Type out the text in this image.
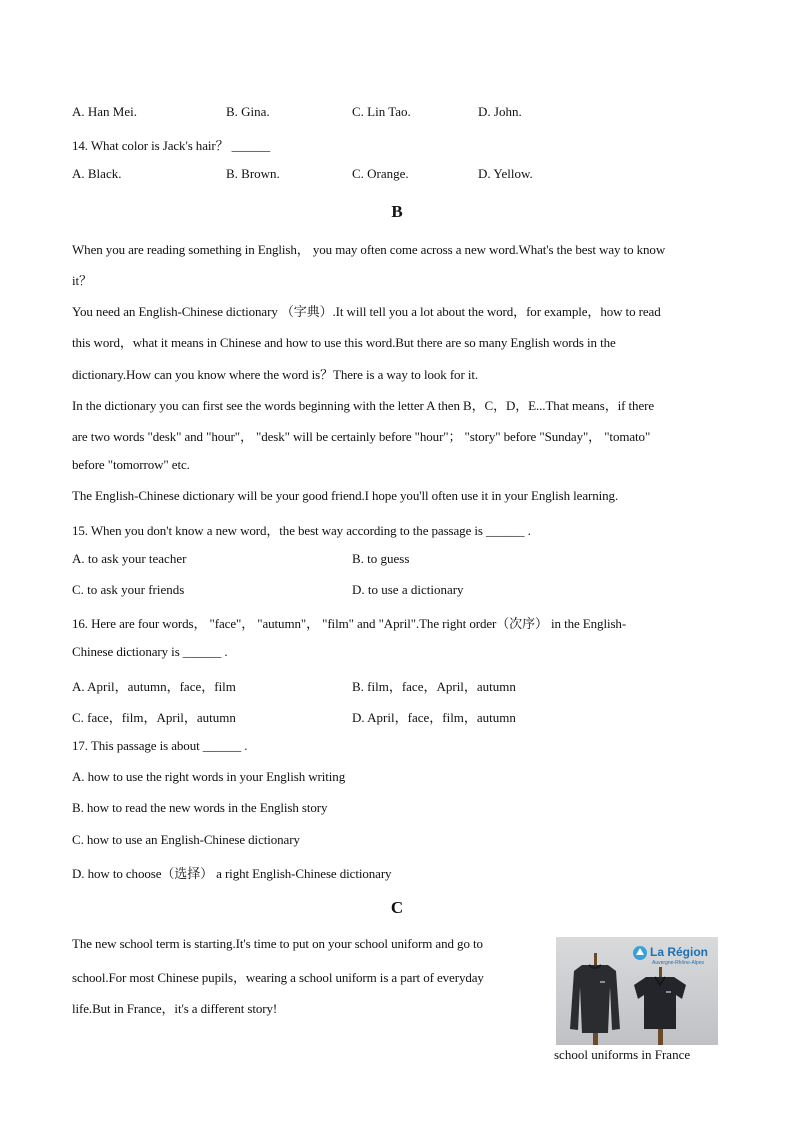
A. Han Mei.	B. Gina.	C. Lin Tao.	D. John.
14. What color is Jack's hair？ ______
A. Black.	B. Brown.	C. Orange.	D. Yellow.
B
When you are reading something in English， you may often come across a new word.What's the best way to know
it？
You need an English-Chinese dictionary （字典）.It will tell you a lot about the word，for example，how to read
this word，what it means in Chinese and how to use this word.But there are so many English words in the
dictionary.How can you know where the word is？There is a way to look for it.
In the dictionary you can first see the words beginning with the letter A then B，C，D，E...That means，if there
are two words "desk" and "hour"， "desk" will be certainly before "hour"； "story" before "Sunday"， "tomato"
before "tomorrow" etc.
The English-Chinese dictionary will be your good friend.I hope you'll often use it in your English learning.
15. When you don't know a new word，the best way according to the passage is ______ .
A. to ask your teacher	B. to guess
C. to ask your friends	D. to use a dictionary
16. Here are four words， "face"， "autumn"， "film" and "April".The right order（次序） in the English-
Chinese dictionary is ______ .
A. April，autumn，face，film	B. film，face，April，autumn
C. face，film，April，autumn	D. April，face，film，autumn
17. This passage is about ______ .
A. how to use the right words in your English writing
B. how to read the new words in the English story
C. how to use an English-Chinese dictionary
D. how to choose（选择） a right English-Chinese dictionary
C
The new school term is starting.It's time to put on your school uniform and go to
school.For most Chinese pupils，wearing a school uniform is a part of everyday
life.But in France，it's a different story!
La Région
Auvergne-Rhône-Alpes
school uniforms in France
